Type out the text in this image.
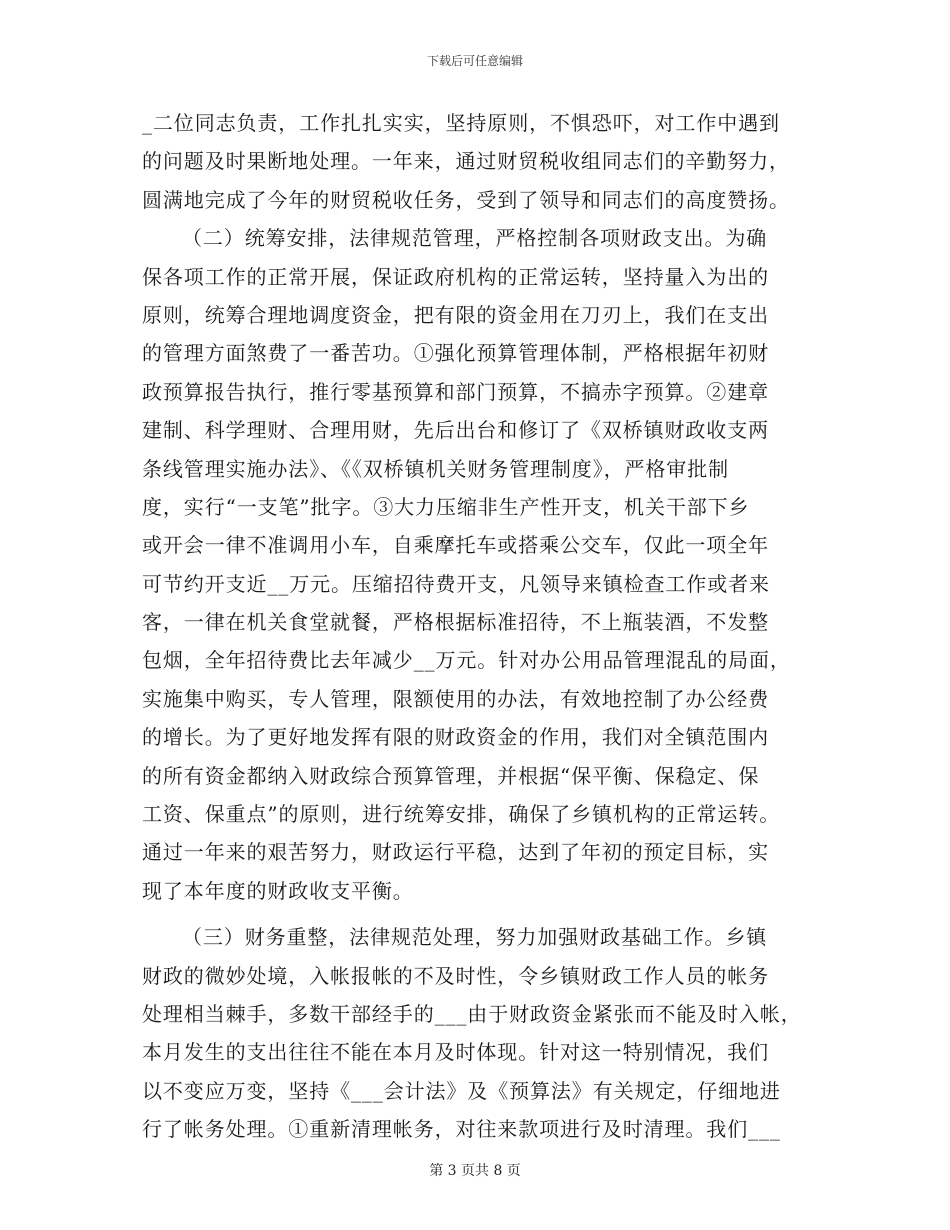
下载后可任意编辑
_二位同志负责，工作扎扎实实，坚持原则，不惧恐吓，对工作中遇到
的问题及时果断地处理。一年来，通过财贸税收组同志们的辛勤努力，
圆满地完成了今年的财贸税收任务，受到了领导和同志们的高度赞扬。
（二）统筹安排，法律规范管理，严格控制各项财政支出。为确
保各项工作的正常开展，保证政府机构的正常运转，坚持量入为出的
原则，统筹合理地调度资金，把有限的资金用在刀刃上，我们在支出
的管理方面煞费了一番苦功。①强化预算管理体制，严格根据年初财
政预算报告执行，推行零基预算和部门预算，不搞赤字预算。②建章
建制、科学理财、合理用财，先后出台和修订了《双桥镇财政收支两
条线管理实施办法》、《《双桥镇机关财务管理制度》，严格审批制
度，实行“一支笔”批字。③大力压缩非生产性开支，机关干部下乡
或开会一律不准调用小车，自乘摩托车或搭乘公交车，仅此一项全年
可节约开支近__万元。压缩招待费开支，凡领导来镇检查工作或者来
客，一律在机关食堂就餐，严格根据标准招待，不上瓶装酒，不发整
包烟，全年招待费比去年减少__万元。针对办公用品管理混乱的局面，
实施集中购买，专人管理，限额使用的办法，有效地控制了办公经费
的增长。为了更好地发挥有限的财政资金的作用，我们对全镇范围内
的所有资金都纳入财政综合预算管理，并根据“保平衡、保稳定、保
工资、保重点”的原则，进行统筹安排，确保了乡镇机构的正常运转。
通过一年来的艰苦努力，财政运行平稳，达到了年初的预定目标，实
现了本年度的财政收支平衡。
（三）财务重整，法律规范处理，努力加强财政基础工作。乡镇
财政的微妙处境，入帐报帐的不及时性，令乡镇财政工作人员的帐务
处理相当棘手，多数干部经手的___由于财政资金紧张而不能及时入帐，
本月发生的支出往往不能在本月及时体现。针对这一特别情况，我们
以不变应万变，坚持《___会计法》及《预算法》有关规定，仔细地进
行了帐务处理。①重新清理帐务，对往来款项进行及时清理。我们___
第 3 页共 8 页
